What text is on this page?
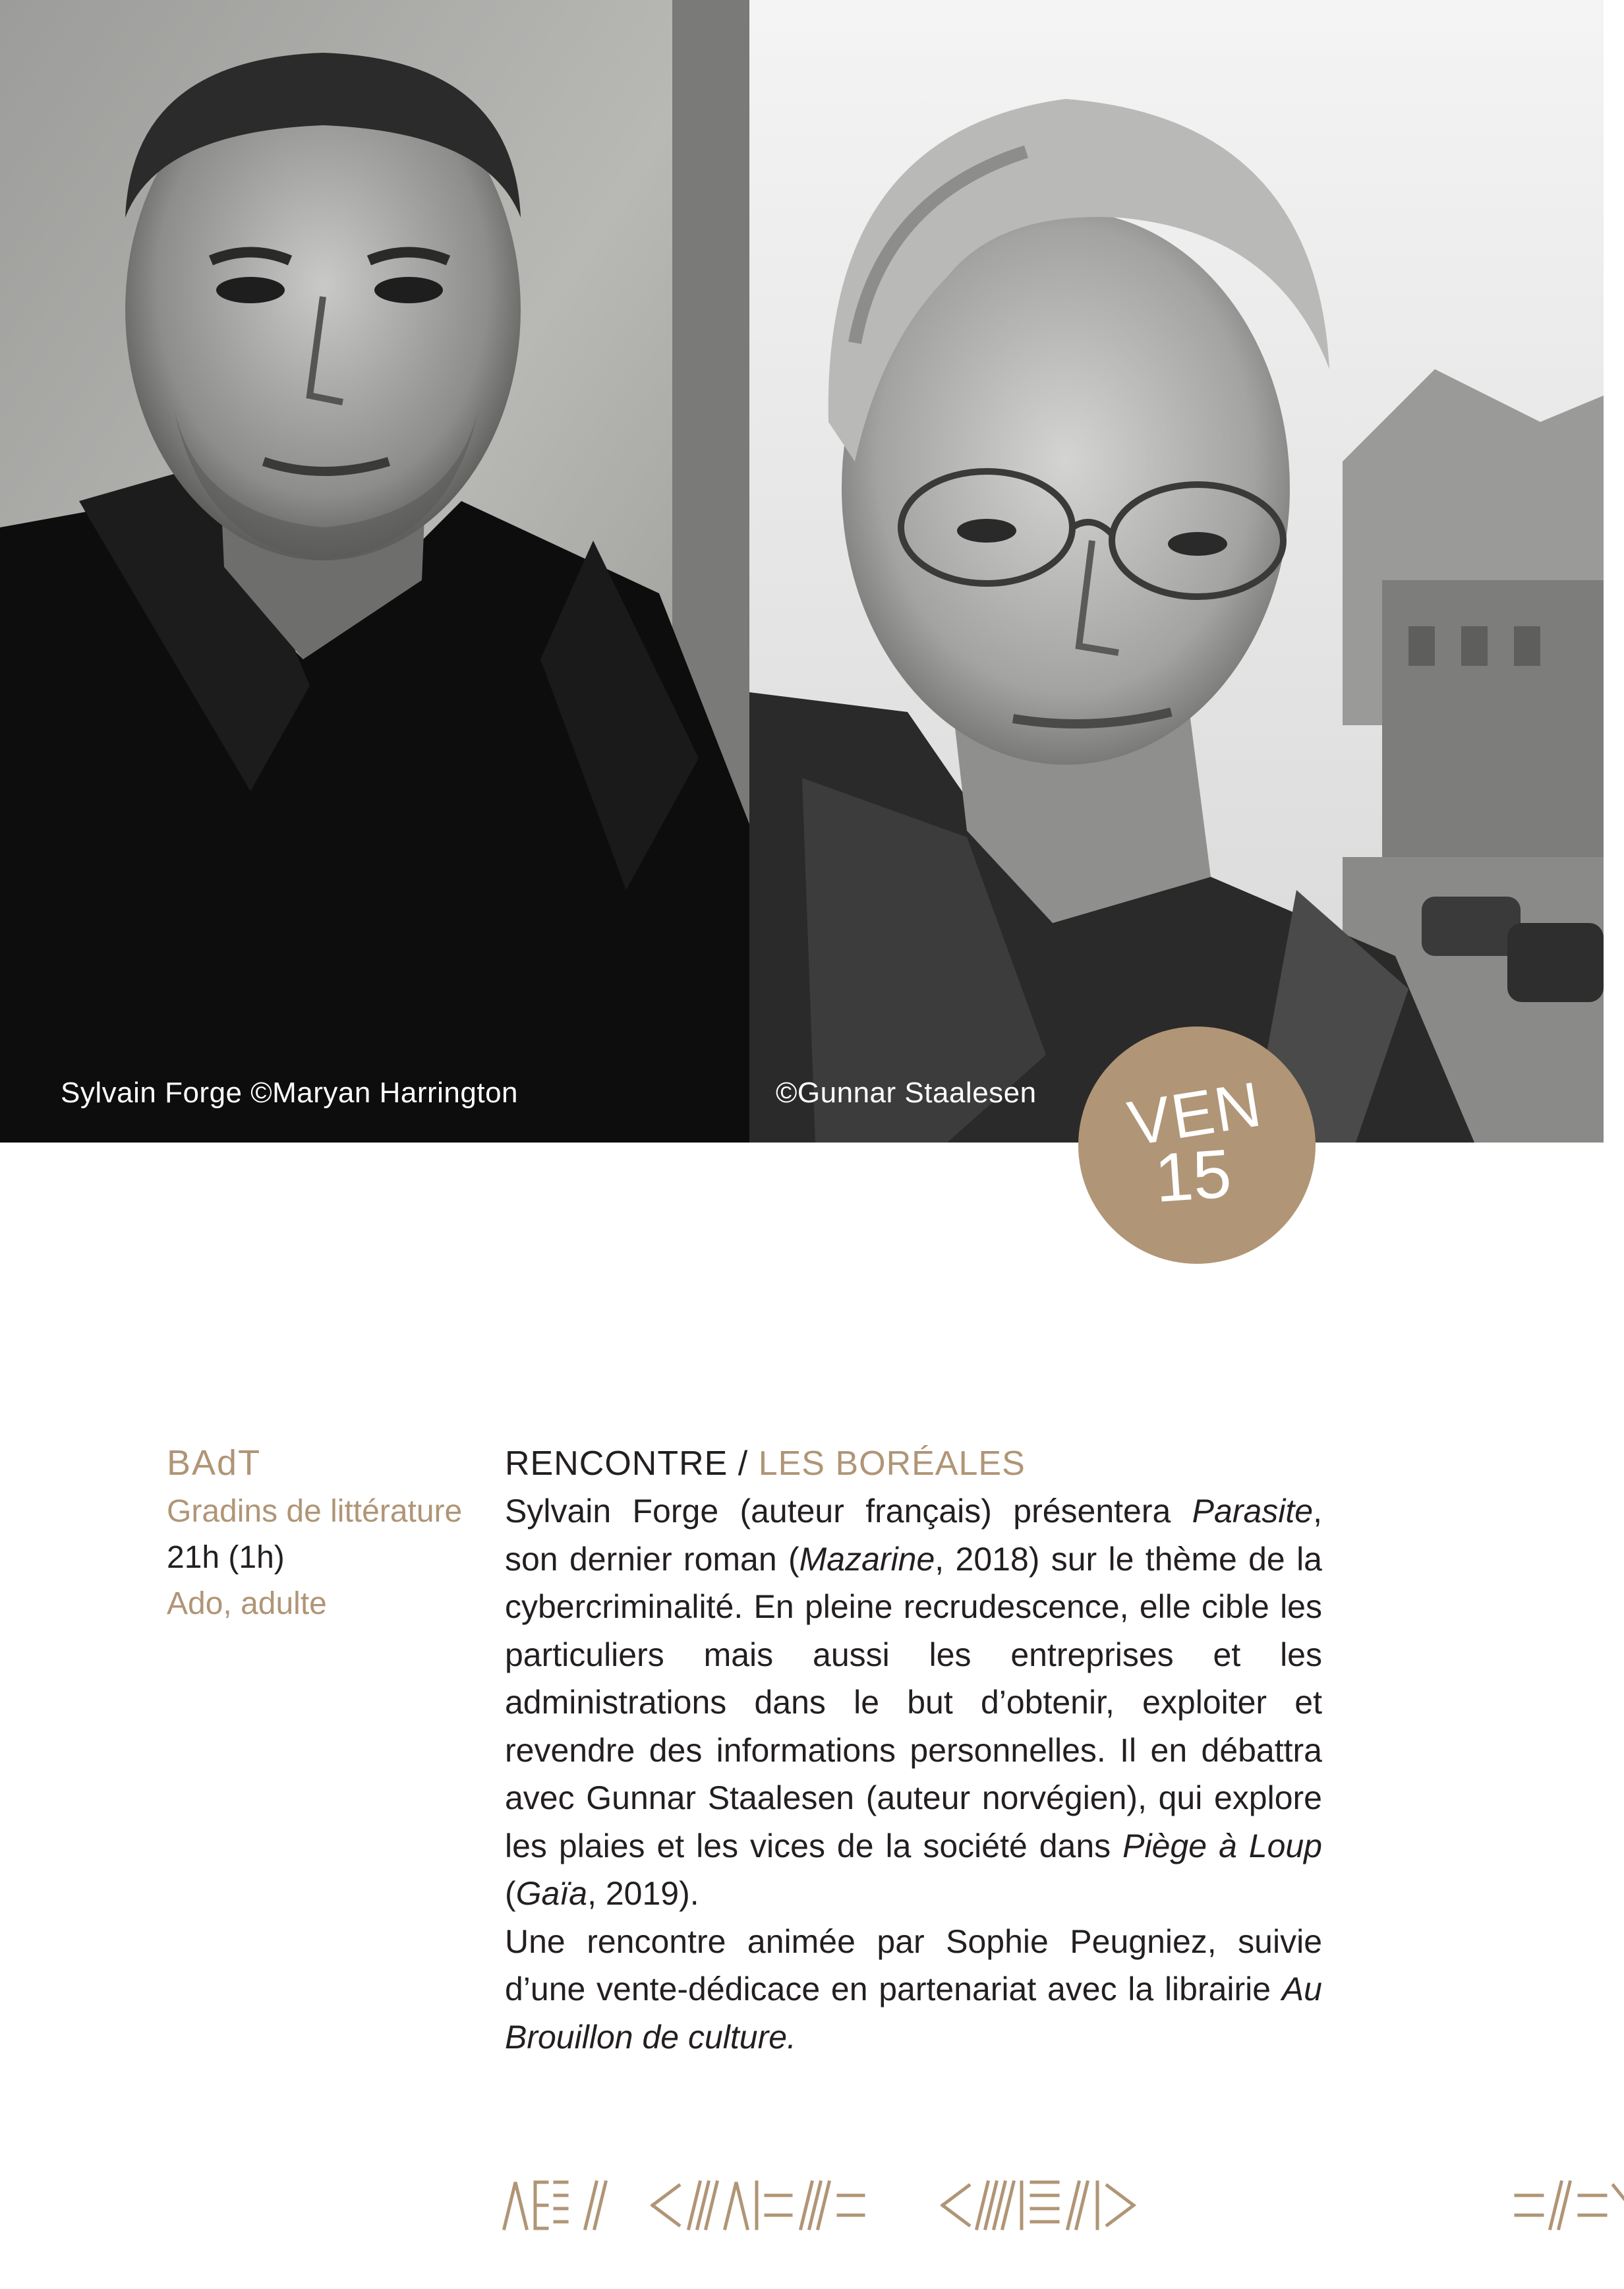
Sylvain Forge ©Maryan Harrington	©Gunnar Staalesen VEN
15
BAdT
Gradins de littérature
21h (1h)
Ado, adulte
RENCONTRE / LES BORÉALES

Sylvain Forge (auteur français) présentera Parasite, son dernier roman (Mazarine, 2018) sur le thème de la cybercriminalité. En pleine recrudescence, elle cible les particuliers mais aussi les entreprises et les administrations dans le but d’obtenir, exploiter et revendre des informations personnelles. Il en débattra avec Gunnar Staalesen (auteur norvégien), qui explore les plaies et les vices de la société dans Piège à Loup (Gaïa, 2019).

Une rencontre animée par Sophie Peugniez, suivie d’une vente-dédicace en partenariat avec la librairie Au Brouillon de culture.
